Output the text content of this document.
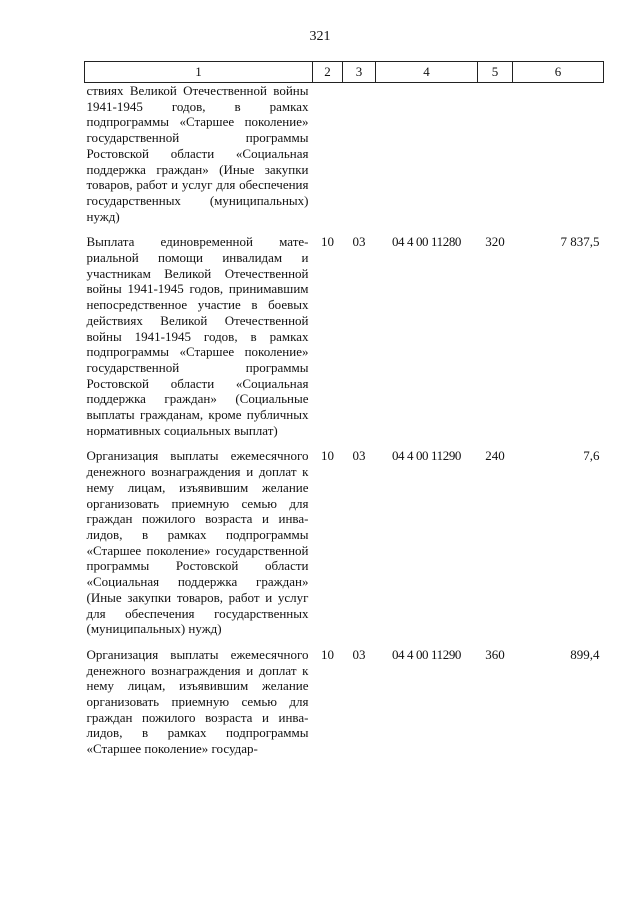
321
1	2	3	4	5	6
ствиях Великой Отечественной войны 1941-1945 годов, в рамках подпрограммы «Старшее поколение» государственной программы Ростовской области «Социальная поддержка граждан» (Иные закупки товаров, работ и услуг для обеспечения государственных (муниципальных) нужд)					
Выплата единовременной материальной помощи инвалидам и участникам Великой Отечественной войны 1941-1945 годов, принимавшим непосредственное участие в боевых действиях Великой Отечественной войны 1941-1945 годов, в рамках подпрограммы «Старшее поколение» государственной программы Ростовской области «Социальная поддержка граждан» (Социальные выплаты гражданам, кроме публичных нормативных социальных выплат)	10	03	04 4 00 11280	320	7 837,5
Организация выплаты ежемесячного денежного вознаграждения и доплат к нему лицам, изъявившим желание организовать приемную семью для граждан пожилого возраста и инвалидов, в рамках подпрограммы «Старшее поколение» государственной программы Ростовской области «Социальная поддержка граждан» (Иные закупки товаров, работ и услуг для обеспечения государственных (муниципальных) нужд)	10	03	04 4 00 11290	240	7,6
Организация выплаты ежемесячного денежного вознаграждения и доплат к нему лицам, изъявившим желание организовать приемную семью для граждан пожилого возраста и инвалидов, в рамках подпрограммы «Старшее поколение» государ-	10	03	04 4 00 11290	360	899,4
